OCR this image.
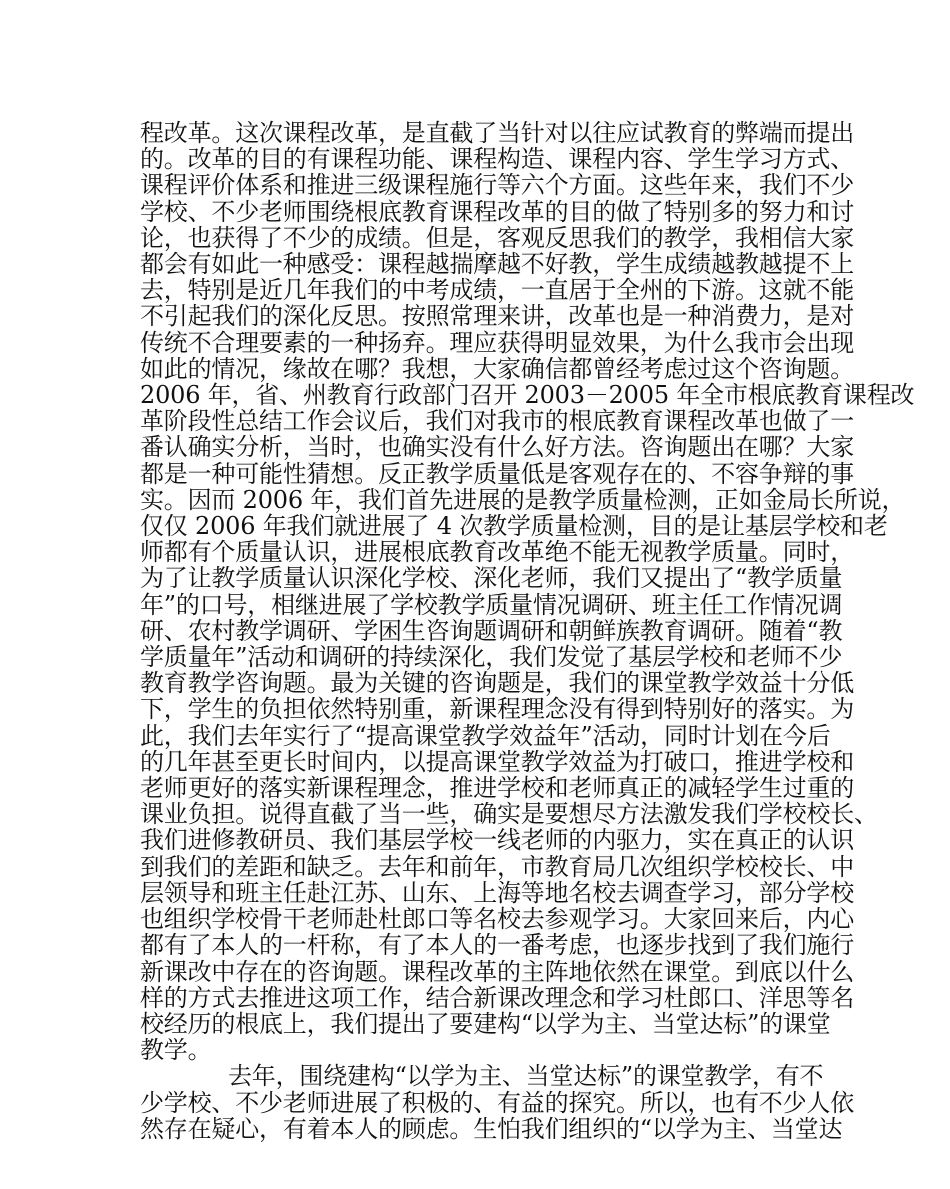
程改革。这次课程改革，是直截了当针对以往应试教育的弊端而提出
的。改革的目的有课程功能、课程构造、课程内容、学生学习方式、
课程评价体系和推进三级课程施行等六个方面。这些年来，我们不少
学校、不少老师围绕根底教育课程改革的目的做了特别多的努力和讨
论，也获得了不少的成绩。但是，客观反思我们的教学，我相信大家
都会有如此一种感受：课程越揣摩越不好教，学生成绩越教越提不上
去，特别是近几年我们的中考成绩，一直居于全州的下游。这就不能
不引起我们的深化反思。按照常理来讲，改革也是一种消费力，是对
传统不合理要素的一种扬弃。理应获得明显效果，为什么我市会出现
如此的情况，缘故在哪？我想，大家确信都曾经考虑过这个咨询题。
2006 年，省、州教育行政部门召开 2003－2005 年全市根底教育课程改
革阶段性总结工作会议后，我们对我市的根底教育课程改革也做了一
番认确实分析，当时，也确实没有什么好方法。咨询题出在哪？大家
都是一种可能性猜想。反正教学质量低是客观存在的、不容争辩的事
实。因而 2006 年，我们首先进展的是教学质量检测，正如金局长所说，
仅仅 2006 年我们就进展了 4 次教学质量检测，目的是让基层学校和老
师都有个质量认识，进展根底教育改革绝不能无视教学质量。同时，
为了让教学质量认识深化学校、深化老师，我们又提出了“教学质量
年”的口号，相继进展了学校教学质量情况调研、班主任工作情况调
研、农村教学调研、学困生咨询题调研和朝鲜族教育调研。随着“教
学质量年”活动和调研的持续深化，我们发觉了基层学校和老师不少
教育教学咨询题。最为关键的咨询题是，我们的课堂教学效益十分低
下，学生的负担依然特别重，新课程理念没有得到特别好的落实。为
此，我们去年实行了“提高课堂教学效益年”活动，同时计划在今后
的几年甚至更长时间内，以提高课堂教学效益为打破口，推进学校和
老师更好的落实新课程理念，推进学校和老师真正的减轻学生过重的
课业负担。说得直截了当一些，确实是要想尽方法激发我们学校校长、
我们进修教研员、我们基层学校一线老师的内驱力，实在真正的认识
到我们的差距和缺乏。去年和前年，市教育局几次组织学校校长、中
层领导和班主任赴江苏、山东、上海等地名校去调查学习，部分学校
也组织学校骨干老师赴杜郎口等名校去参观学习。大家回来后，内心
都有了本人的一杆称，有了本人的一番考虑，也逐步找到了我们施行
新课改中存在的咨询题。课程改革的主阵地依然在课堂。到底以什么
样的方式去推进这项工作，结合新课改理念和学习杜郎口、洋思等名
校经历的根底上，我们提出了要建构“以学为主、当堂达标”的课堂
教学。
去年，围绕建构“以学为主、当堂达标”的课堂教学，有不
少学校、不少老师进展了积极的、有益的探究。所以，也有不少人依
然存在疑心，有着本人的顾虑。生怕我们组织的“以学为主、当堂达
